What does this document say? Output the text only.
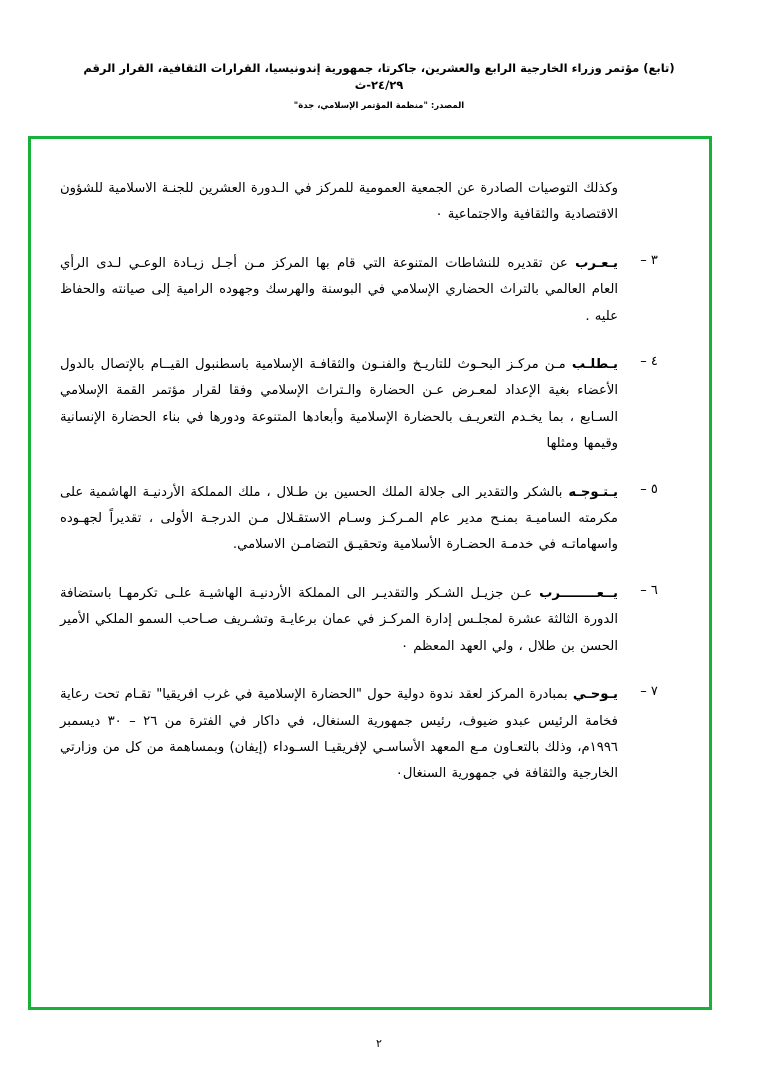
(تابع) مؤتمر وزراء الخارجية الرابع والعشرين، جاكرتا، جمهورية إندونيسيا، القرارات الثقافية، القرار الرقم ٢٤/٢٩-ث
المصدر: "منظمة المؤتمر الإسلامي، جدة"
وكذلك التوصيات الصادرة عن الجمعية العمومية للمركز في الـدورة العشرين للجنـة الاسلامية للشؤون الاقتصادية والثقافية والاجتماعية ٠
٣ –
يـعـرب عن تقديره للنشاطات المتنوعة التي قام بها المركز مـن أجـل زيـادة الوعـي لـدى الرأي العام العالمي بالتراث الحضاري الإسلامي في البوسنة والهرسك وجهوده الرامية إلى صيانته والحفاظ عليه .
٤ –
يـطلـب مـن مركـز البحـوث للتاريـخ والفنـون والثقافـة الإسلامية باسطنبول القيــام بالإتصال بالدول الأعضاء بغية الإعداد لمعـرض عـن الحضارة والـتراث الإسلامي وفقا لقرار مؤتمر القمة الإسلامي السـابع ، بما يخـدم التعريـف بالحضارة الإسلامية وأبعادها المتنوعة ودورها في بناء الحضارة الإنسانية وقيمها ومثلها
٥ –
يـتـوجـه بالشكر والتقدير الى جلالة الملك الحسين بن طـلال ، ملك المملكة الأردنيـة الهاشمية على مكرمته الساميـة بمنـح مدير عام المـركـز وسـام الاستقـلال مـن الدرجـة الأولى ، تقديراً لجهـوده واسهاماتـه في خدمـة الحضـارة الأسلامية وتحقيـق التضامـن الاسلامي.
٦ –
يــعــــــــرب عـن جزيـل الشـكر والتقديـر الى المملكة الأردنيـة الهاشيـة علـى تكرمهـا باستضافة الدورة الثالثة عشرة لمجلـس إدارة المركـز في عمان برعايـة وتشـريف صـاحب السمو الملكي الأمير الحسن بن طلال ، ولي العهد المعظم ٠
٧ –
يـوحـي بمبادرة المركز لعقد ندوة دولية حول "الحضارة الإسلامية في غرب افريقيا" تقـام تحت رعاية فخامة الرئيس عبدو ضيوف، رئيس جمهورية السنغال، في داكار في الفترة من ٢٦ – ٣٠ ديسمبر ١٩٩٦م، وذلك بالتعـاون مـع المعهد الأساسـي لإفريقيـا السـوداء (إيفان) وبمساهمة من كل من وزارتي الخارجية والثقافة في جمهورية السنغال٠
٢
